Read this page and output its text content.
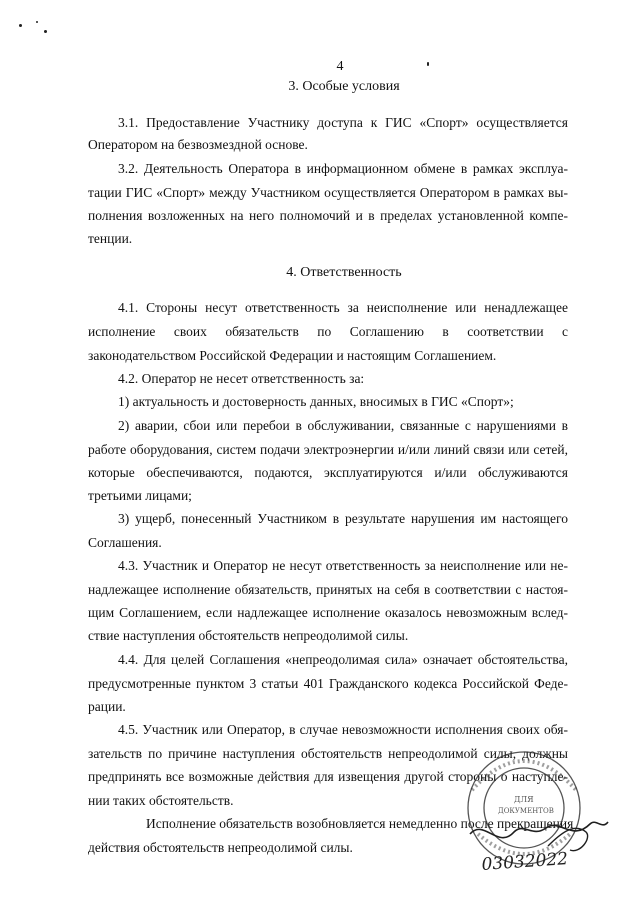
4
3. Особые условия
3.1. Предоставление Участнику доступа к ГИС «Спорт» осуществляется
Оператором на безвозмездной основе.
3.2. Деятельность Оператора в информационном обмене в рамках эксплуа-
тации ГИС «Спорт» между Участником осуществляется Оператором в рамках вы-
полнения возложенных на него полномочий и в пределах установленной компе-
тенции.
4. Ответственность
4.1. Стороны несут ответственность за неисполнение или ненадлежащее
исполнение своих обязательств по Соглашению в соответствии с
законодательством Российской Федерации и настоящим Соглашением.
4.2. Оператор не несет ответственность за:
1) актуальность и достоверность данных, вносимых в ГИС «Спорт»;
2) аварии, сбои или перебои в обслуживании, связанные с нарушениями в
работе оборудования, систем подачи электроэнергии и/или линий связи или сетей,
которые обеспечиваются, подаются, эксплуатируются и/или обслуживаются
третьими лицами;
3) ущерб, понесенный Участником в результате нарушения им настоящего
Соглашения.
4.3. Участник и Оператор не несут ответственность за неисполнение или не-
надлежащее исполнение обязательств, принятых на себя в соответствии с настоя-
щим Соглашением, если надлежащее исполнение оказалось невозможным вслед-
ствие наступления обстоятельств непреодолимой силы.
4.4. Для целей Соглашения «непреодолимая сила» означает обстоятельства,
предусмотренные пунктом 3 статьи 401 Гражданского кодекса Российской Феде-
рации.
4.5. Участник или Оператор, в случае невозможности исполнения своих обя-
зательств по причине наступления обстоятельств непреодолимой силы, должны
предпринять все возможные действия для извещения другой стороны о наступле-
нии таких обстоятельств.
Исполнение обязательств возобновляется немедленно после прекращения
действия обстоятельств непреодолимой силы.
ДЛЯ
ДОКУМЕНТОВ
03032022
